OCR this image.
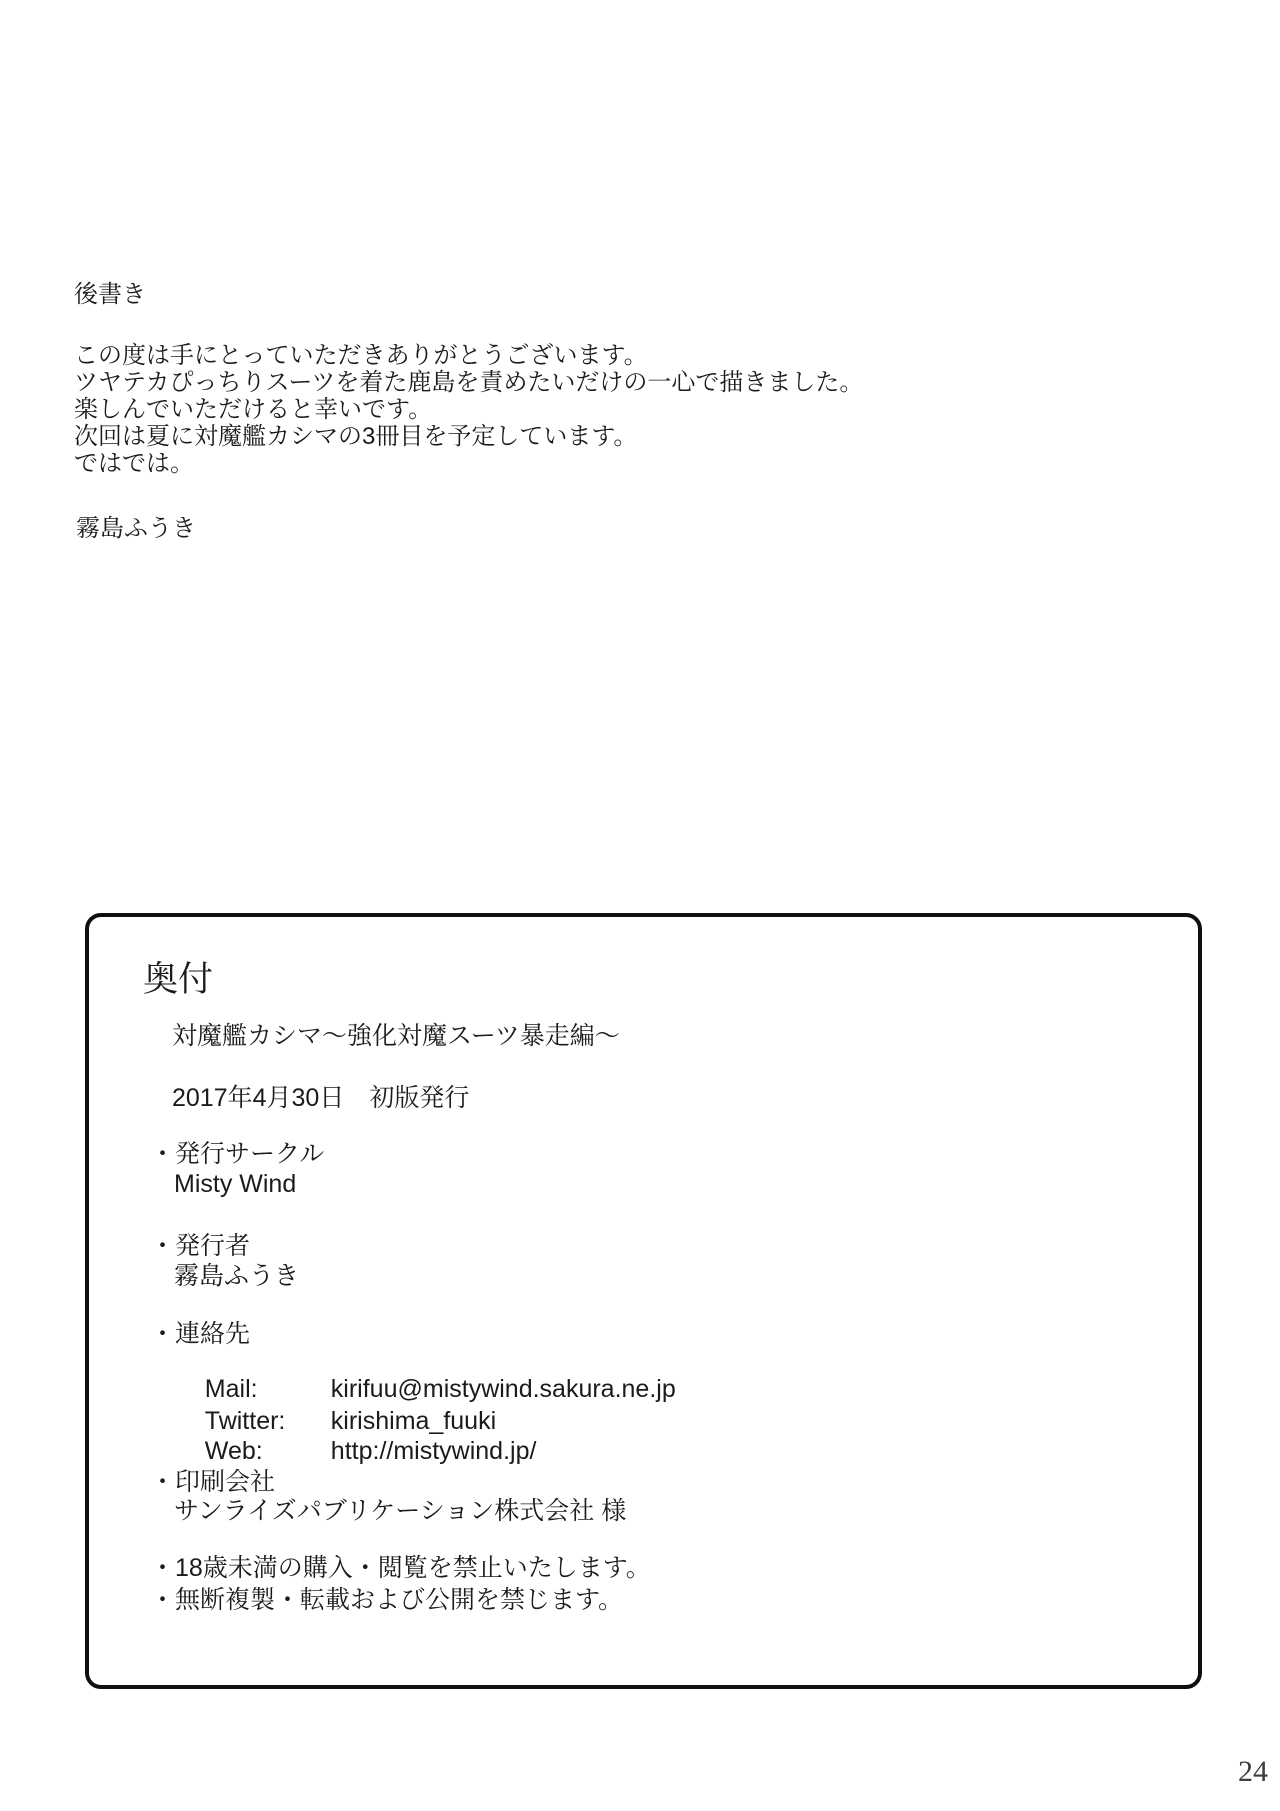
後書き
この度は手にとっていただきありがとうございます。
ツヤテカぴっちりスーツを着た鹿島を責めたいだけの一心で描きました。
楽しんでいただけると幸いです。
次回は夏に対魔艦カシマの3冊目を予定しています。
ではでは。
霧島ふうき
奥付
対魔艦カシマ～強化対魔スーツ暴走編～
2017年4月30日　初版発行
・発行サークル
Misty Wind
・発行者
霧島ふうき
・連絡先

Mail:	kirifuu@mistywind.sakura.ne.jp

Twitter: kirishima_fuuki

Web:	http://mistywind.jp/

・印刷会社
サンライズパブリケーション株式会社 様
・18歳未満の購入・閲覧を禁止いたします。
・無断複製・転載および公開を禁じます。
24
